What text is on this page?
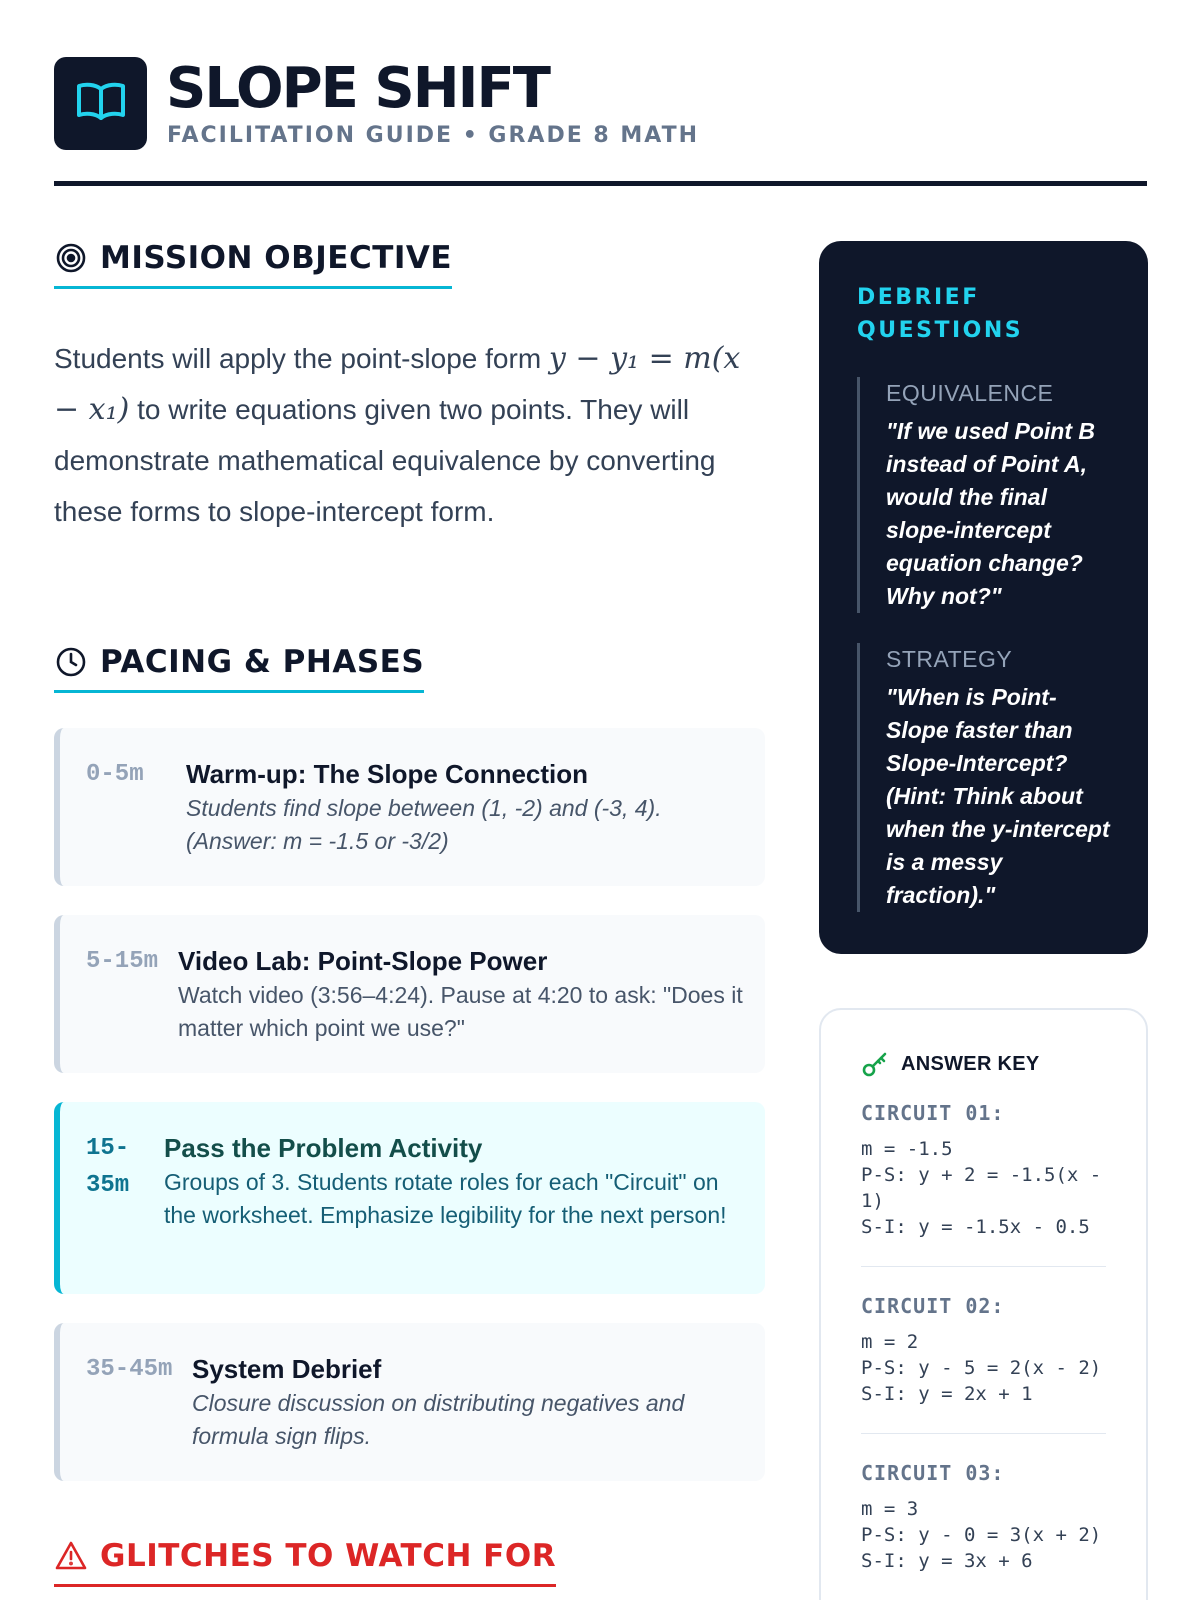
SLOPE SHIFT
FACILITATION GUIDE • GRADE 8 MATH
MISSION OBJECTIVE
Students will apply the point-slope form y − y₁ = m(x − x₁) to write equations given two points. They will demonstrate mathematical equivalence by converting these forms to slope-intercept form.
PACING & PHASES
0-5m	Warm-up: The Slope Connection
Students find slope between (1, -2) and (-3, 4). (Answer: m = -1.5 or -3/2)
5-15m Video Lab: Point-Slope Power
Watch video (3:56–4:24). Pause at 4:20 to ask: "Does it matter which point we use?"
15-35m
Pass the Problem Activity
Groups of 3. Students rotate roles for each "Circuit" on the worksheet. Emphasize legibility for the next person!
35-45m System Debrief
Closure discussion on distributing negatives and formula sign flips.
GLITCHES TO WATCH FOR
DEBRIEF QUESTIONS
EQUIVALENCE
"If we used Point B instead of Point A, would the final slope-intercept equation change? Why not?"
STRATEGY
"When is Point-Slope faster than Slope-Intercept? (Hint: Think about when the y-intercept is a messy fraction)."
ANSWER KEY
CIRCUIT 01:
m = -1.5
P-S: y + 2 = -1.5(x - 1)
S-I: y = -1.5x - 0.5
CIRCUIT 02:
m = 2
P-S: y - 5 = 2(x - 2)
S-I: y = 2x + 1
CIRCUIT 03:
m = 3
P-S: y - 0 = 3(x + 2)
S-I: y = 3x + 6
